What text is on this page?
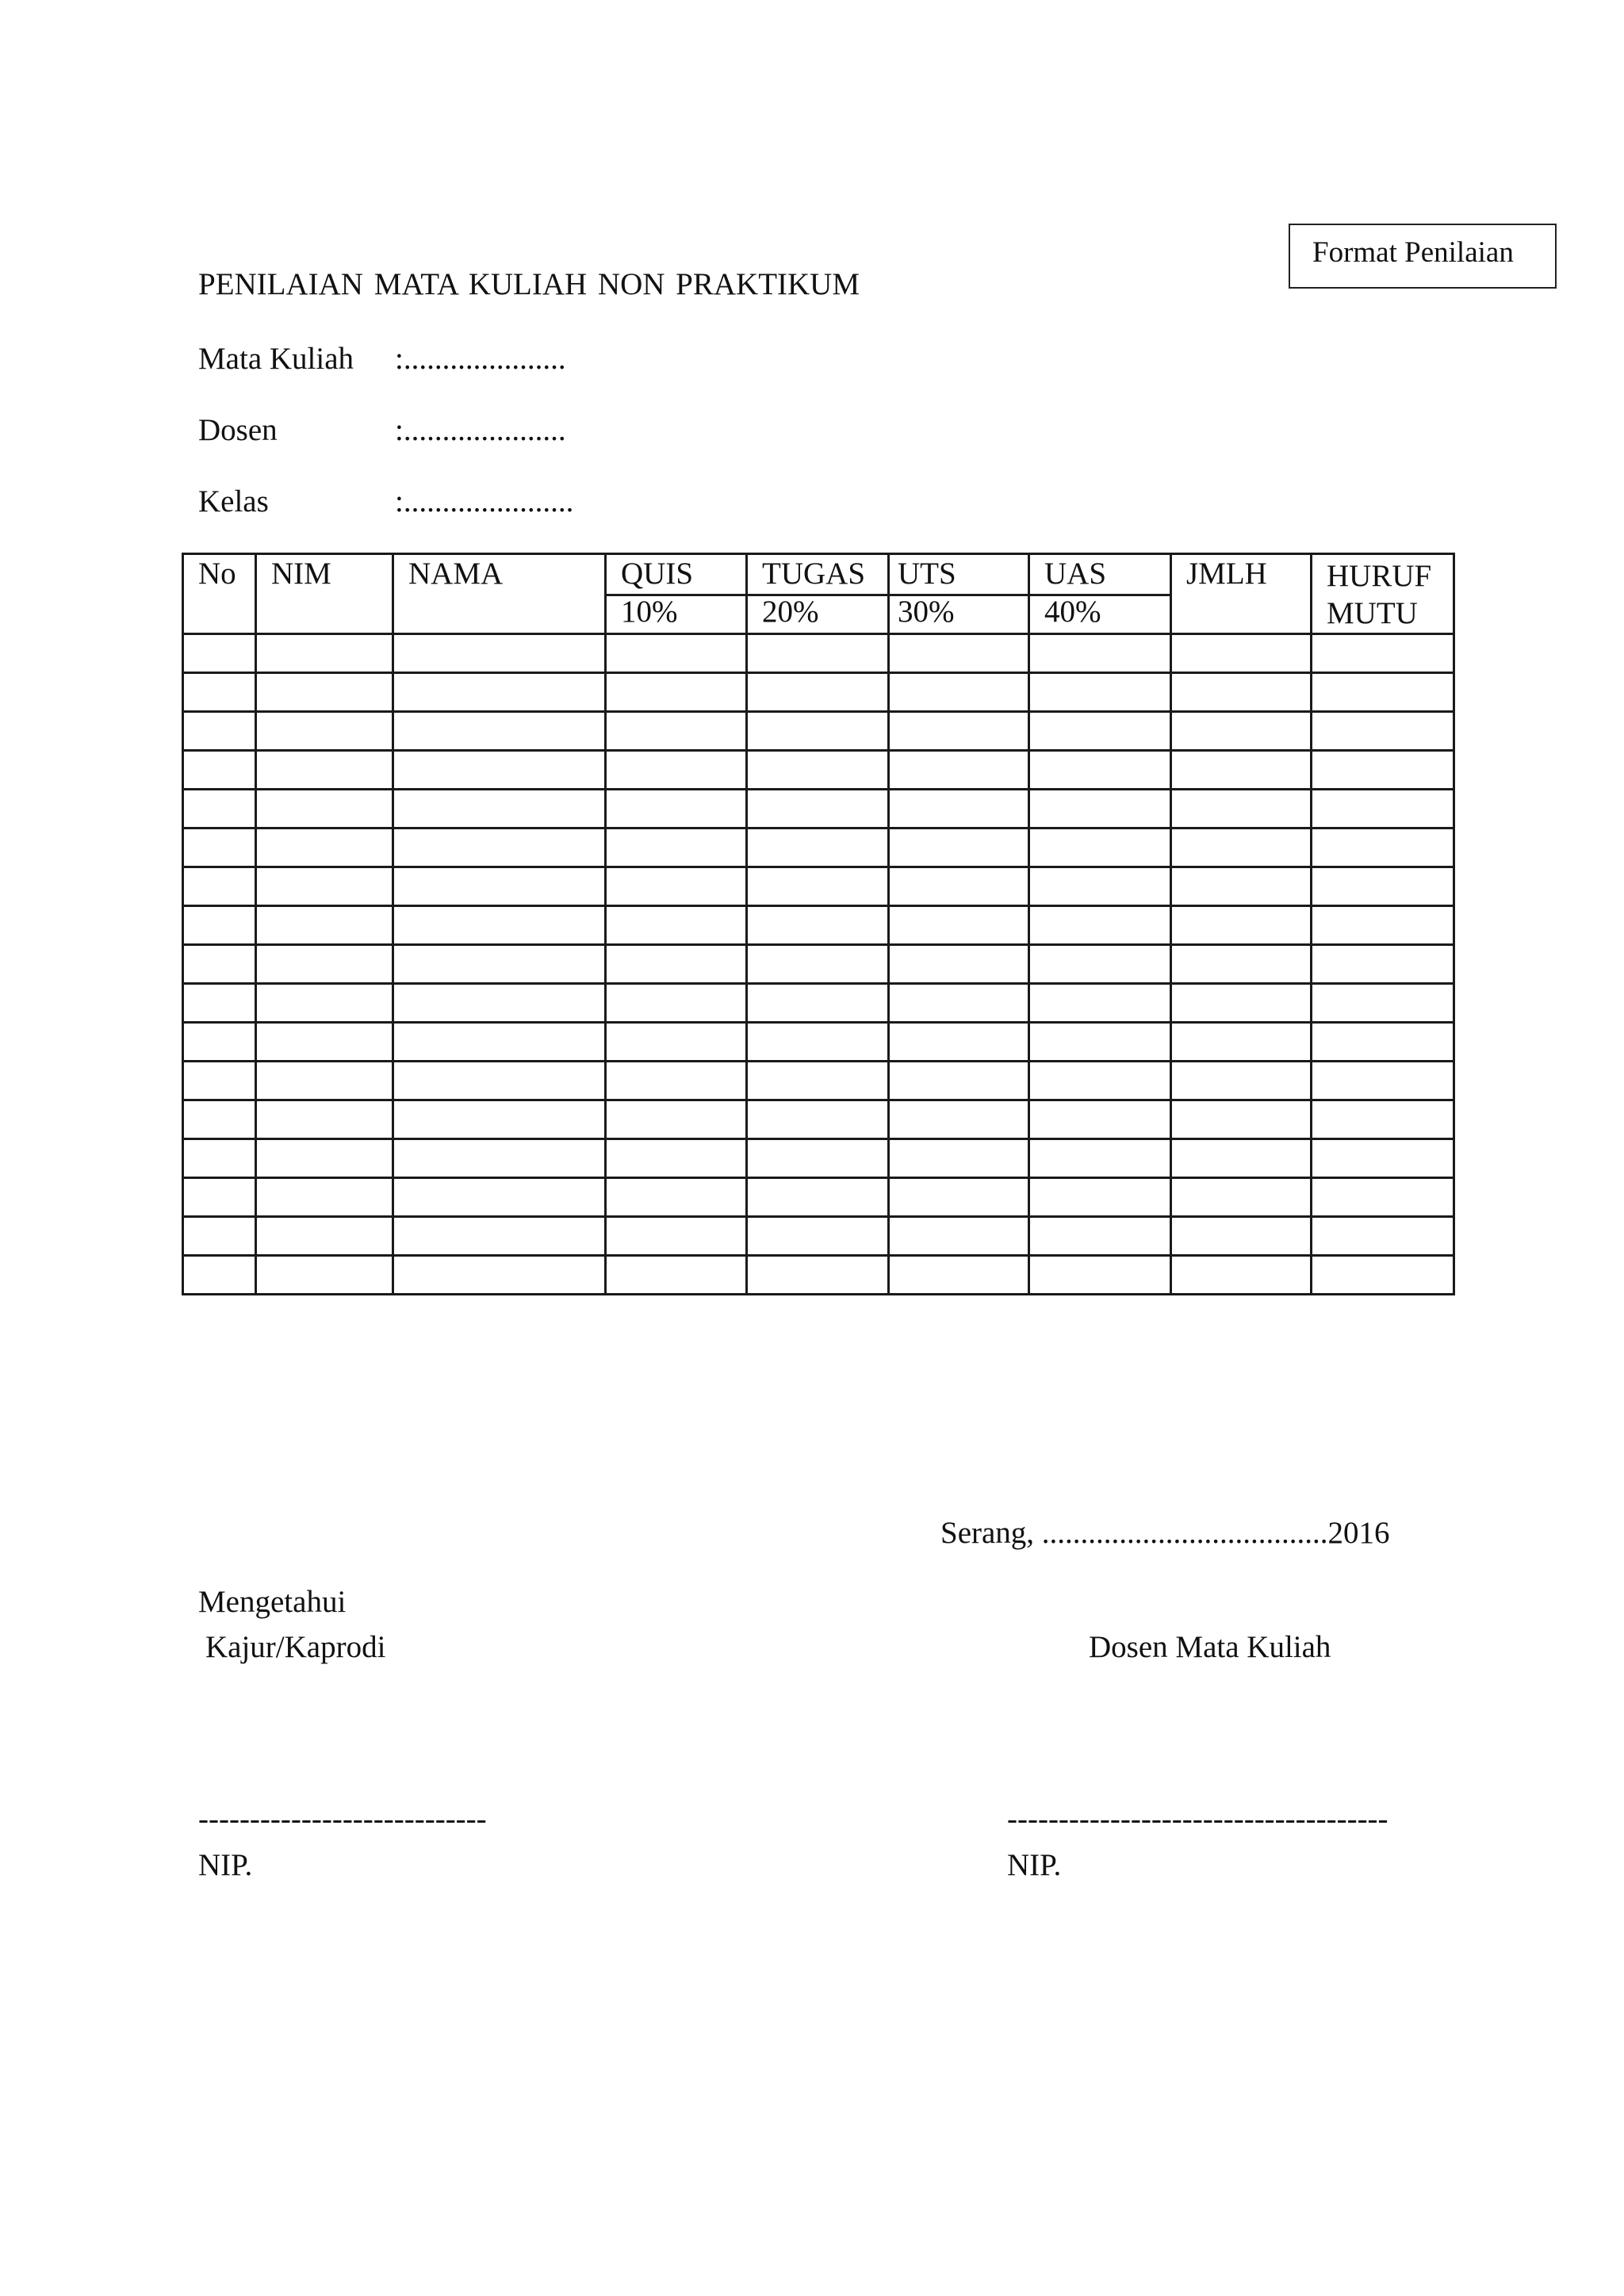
Format Penilaian
PENILAIAN MATA KULIAH NON PRAKTIKUM
Mata Kuliah :.....................
Dosen	:.....................
Kelas	:......................
No	NIM	NAMA	QUIS	TUGAS	UTS	UAS	JMLH	HURUF MUTU

			10%	20%	30%	40%		

Serang, .....................................2016
Mengetahui
Kajur/Kaprodi	Dosen Mata Kuliah
----------------------------	-------------------------------------
NIP.	NIP.
